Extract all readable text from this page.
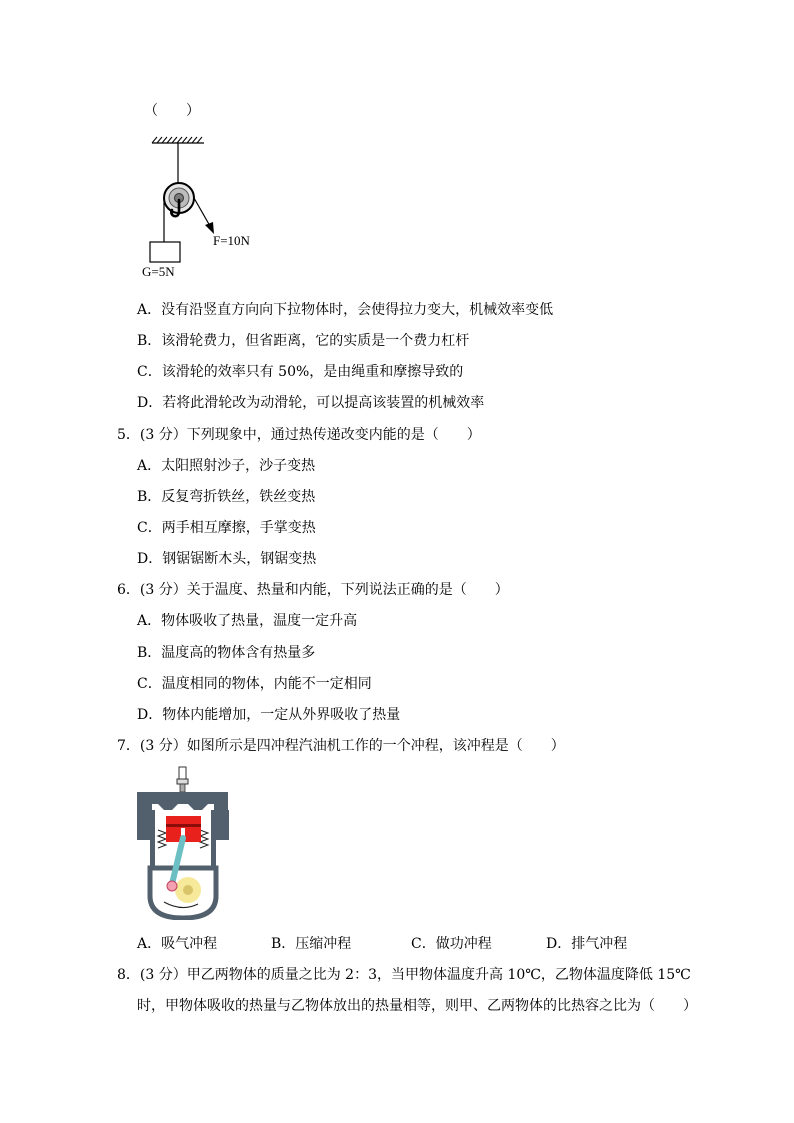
（　　）
F=10N
G=5N
A．没有沿竖直方向向下拉物体时，会使得拉力变大，机械效率变低
B．该滑轮费力，但省距离，它的实质是一个费力杠杆
C．该滑轮的效率只有 50%，是由绳重和摩擦导致的
D．若将此滑轮改为动滑轮，可以提高该装置的机械效率
5．(3 分）下列现象中，通过热传递改变内能的是（　　）
A．太阳照射沙子，沙子变热
B．反复弯折铁丝，铁丝变热
C．两手相互摩擦，手掌变热
D．钢锯锯断木头，钢锯变热
6．(3 分）关于温度、热量和内能，下列说法正确的是（　　）
A．物体吸收了热量，温度一定升高
B．温度高的物体含有热量多
C．温度相同的物体，内能不一定相同
D．物体内能增加，一定从外界吸收了热量
7．(3 分）如图所示是四冲程汽油机工作的一个冲程，该冲程是（　　）
A．吸气冲程	B．压缩冲程	C．做功冲程	D．排气冲程
8．(3 分）甲乙两物体的质量之比为 2：3，当甲物体温度升高 10℃，乙物体温度降低 15℃
时，甲物体吸收的热量与乙物体放出的热量相等，则甲、乙两物体的比热容之比为（　　）
